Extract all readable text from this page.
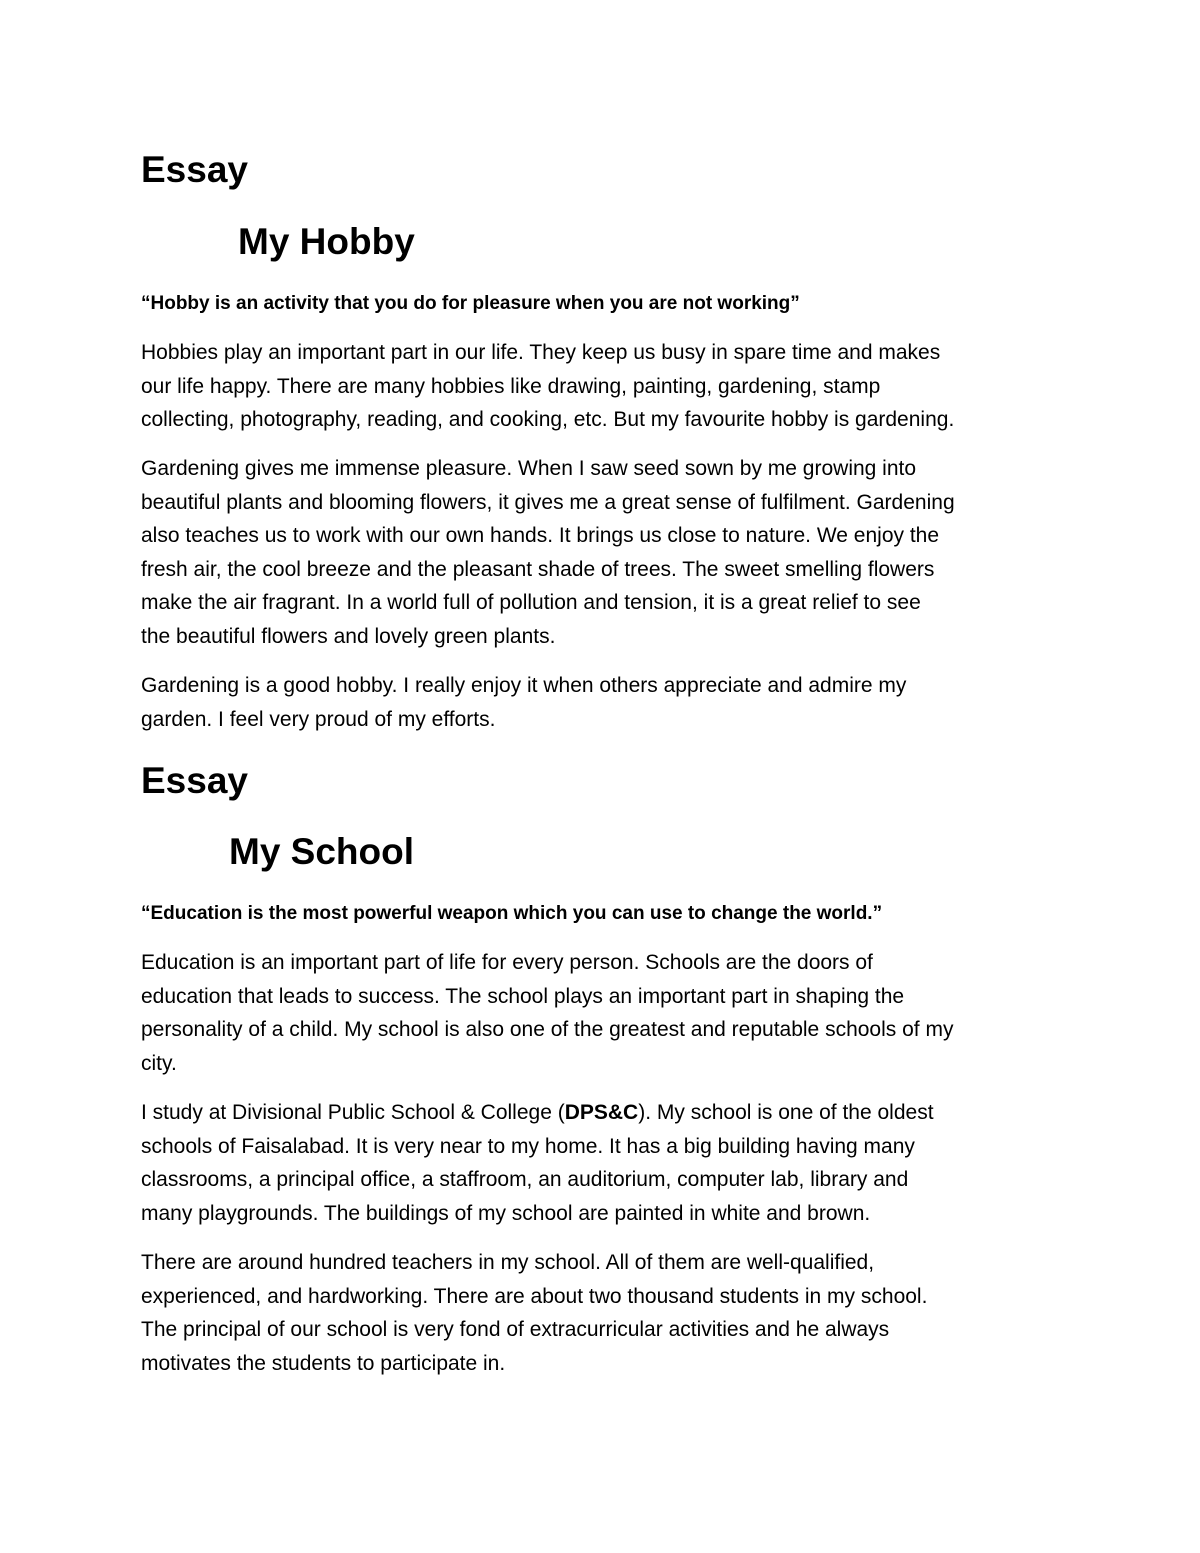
Essay
My Hobby
“Hobby is an activity that you do for pleasure when you are not working”
Hobbies play an important part in our life. They keep us busy in spare time and makes
our life happy. There are many hobbies like drawing, painting, gardening, stamp
collecting, photography, reading, and cooking, etc. But my favourite hobby is gardening.
Gardening gives me immense pleasure. When I saw seed sown by me growing into
beautiful plants and blooming flowers, it gives me a great sense of fulfilment. Gardening
also teaches us to work with our own hands. It brings us close to nature. We enjoy the
fresh air, the cool breeze and the pleasant shade of trees. The sweet smelling flowers
make the air fragrant. In a world full of pollution and tension, it is a great relief to see
the beautiful flowers and lovely green plants.
Gardening is a good hobby. I really enjoy it when others appreciate and admire my
garden. I feel very proud of my efforts.
Essay
My School
“Education is the most powerful weapon which you can use to change the world.”
Education is an important part of life for every person. Schools are the doors of
education that leads to success. The school plays an important part in shaping the
personality of a child. My school is also one of the greatest and reputable schools of my
city.
I study at Divisional Public School & College (DPS&C). My school is one of the oldest
schools of Faisalabad. It is very near to my home. It has a big building having many
classrooms, a principal office, a staffroom, an auditorium, computer lab, library and
many playgrounds. The buildings of my school are painted in white and brown.
There are around hundred teachers in my school. All of them are well-qualified,
experienced, and hardworking. There are about two thousand students in my school.
The principal of our school is very fond of extracurricular activities and he always
motivates the students to participate in.
